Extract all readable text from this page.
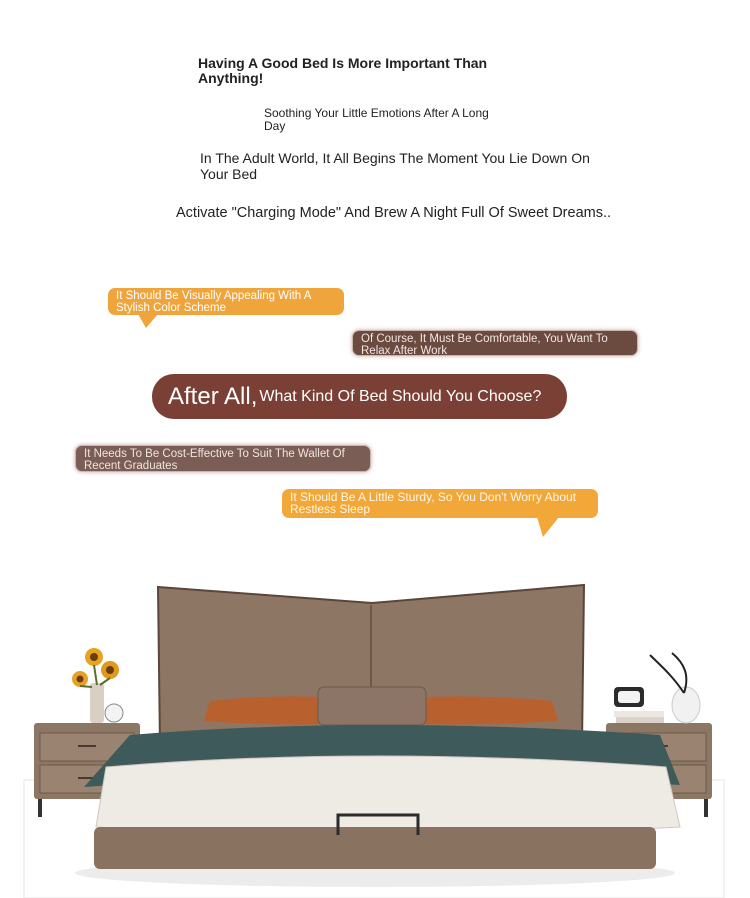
Having A Good Bed Is More Important Than Anything!
Soothing Your Little Emotions After A Long Day
In The Adult World, It All Begins The Moment You Lie Down On Your Bed
Activate "Charging Mode" And Brew A Night Full Of Sweet Dreams..
It Should Be Visually Appealing With A Stylish Color Scheme
Of Course, It Must Be Comfortable, You Want To Relax After Work
After All, What Kind Of Bed Should You Choose?
It Needs To Be Cost-Effective To Suit The Wallet Of Recent Graduates
It Should Be A Little Sturdy, So You Don't Worry About Restless Sleep
